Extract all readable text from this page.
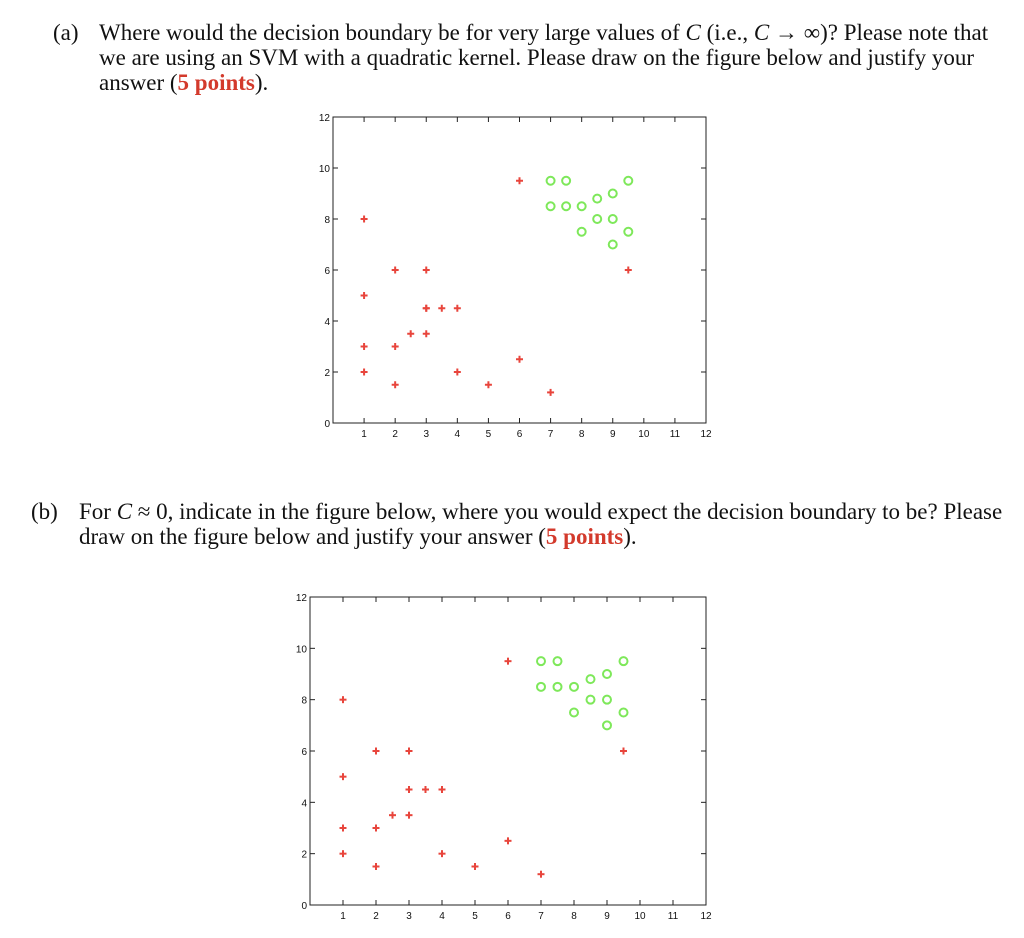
(a) Where would the decision boundary be for very large values of C (i.e., C → ∞)? Please note that we are using an SVM with a quadratic kernel. Please draw on the figure below and justify your answer (5 points).
(b) For C ≈ 0, indicate in the figure below, where you would expect the decision boundary to be? Please draw on the figure below and justify your answer (5 points).
1	2	3	4	5	6	7	8	9 10 11 12
0
2
4
6
8
10
12
1	2	3	4	5	6	7	8	9 10 11 12
0
2
4
6
8
10
12
